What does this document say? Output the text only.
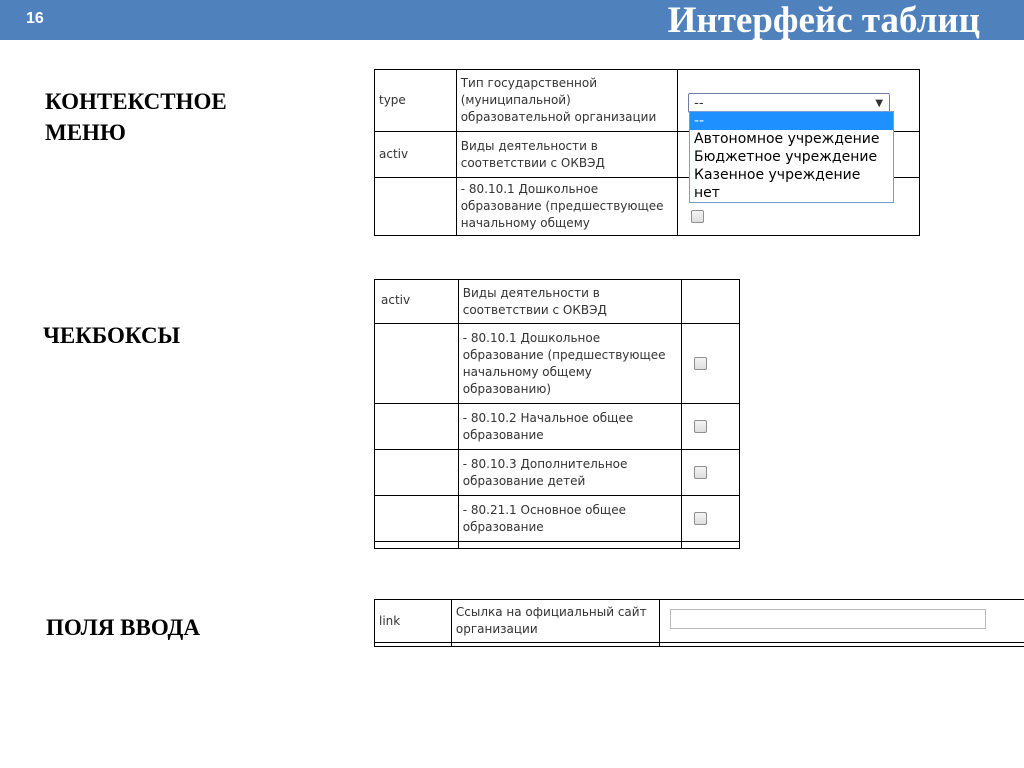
16	Интерфейс таблиц
КОНТЕКСТНОЕ МЕНЮ
ЧЕКБОКСЫ
ПОЛЯ ВВОДА
type	Тип государственной (муниципальной) образовательной организации	-- ▼

activ	Виды деятельности в соответствии с ОКВЭД	
	- 80.10.1 Дошкольное образование (предшествующее начальному общему	
--
Автономное учреждение
Бюджетное учреждение
Казенное учреждение
нет
activ	Виды деятельности в соответствии с ОКВЭД	
	- 80.10.1 Дошкольное образование (предшествующее начальному общему образованию)	
	- 80.10.2 Начальное общее образование	
	- 80.10.3 Дополнительное образование детей	
	- 80.21.1 Основное общее образование	

link	Ссылка на официальный сайт организации	
